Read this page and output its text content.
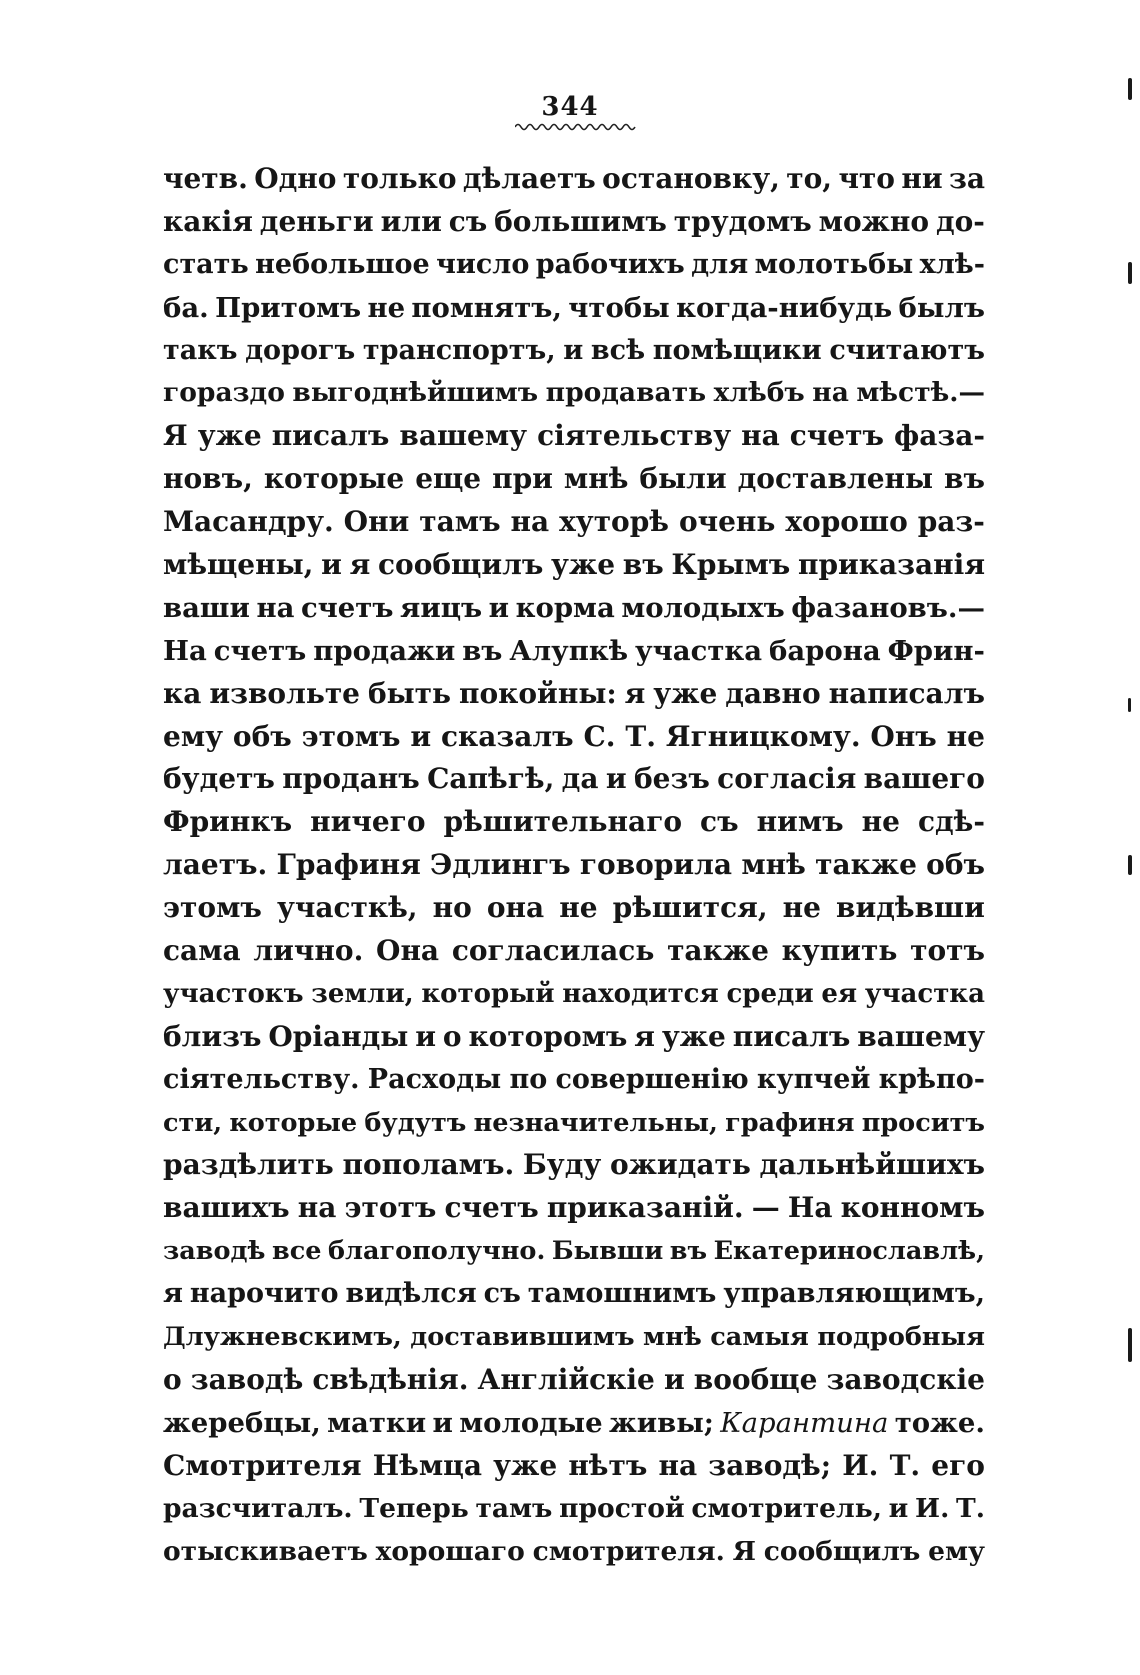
344
четв. Одно только дѣлаетъ остановку, то, что ни за
какія деньги или съ большимъ трудомъ можно до-
стать небольшое число рабочихъ для молотьбы хлѣ-
ба. Притомъ не помнятъ, чтобы когда-нибудь былъ
такъ дорогъ транспортъ, и всѣ помѣщики считаютъ
гораздо выгоднѣйшимъ продавать хлѣбъ на мѣстѣ.—
Я уже писалъ вашему сіятельству на счетъ фаза-
новъ, которые еще при мнѣ были доставлены въ
Масандру. Они тамъ на хуторѣ очень хорошо раз-
мѣщены, и я сообщилъ уже въ Крымъ приказанія
ваши на счетъ яицъ и корма молодыхъ фазановъ.—
На счетъ продажи въ Алупкѣ участка барона Фрин-
ка извольте быть покойны: я уже давно написалъ
ему объ этомъ и сказалъ С. Т. Ягницкому. Онъ не
будетъ проданъ Сапѣгѣ, да и безъ согласія вашего
Фринкъ ничего рѣшительнаго съ нимъ не сдѣ-
лаетъ. Графиня Эдлингъ говорила мнѣ также объ
этомъ участкѣ, но она не рѣшится, не видѣвши
сама лично. Она согласилась также купить тотъ
участокъ земли, который находится среди ея участка
близъ Оріанды и о которомъ я уже писалъ вашему
сіятельству. Расходы по совершенію купчей крѣпо-
сти, которые будутъ незначительны, графиня проситъ
раздѣлить пополамъ. Буду ожидать дальнѣйшихъ
вашихъ на этотъ счетъ приказаній. — На конномъ
заводѣ все благополучно. Бывши въ Екатеринославлѣ,
я нарочито видѣлся съ тамошнимъ управляющимъ,
Длужневскимъ, доставившимъ мнѣ самыя подробныя
о заводѣ свѣдѣнія. Англійскіе и вообще заводскіе
жеребцы, матки и молодые живы; Карантина тоже.
Смотрителя Нѣмца уже нѣтъ на заводѣ; И. Т. его
разсчиталъ. Теперь тамъ простой смотритель, и И. Т.
отыскиваетъ хорошаго смотрителя. Я сообщилъ ему
